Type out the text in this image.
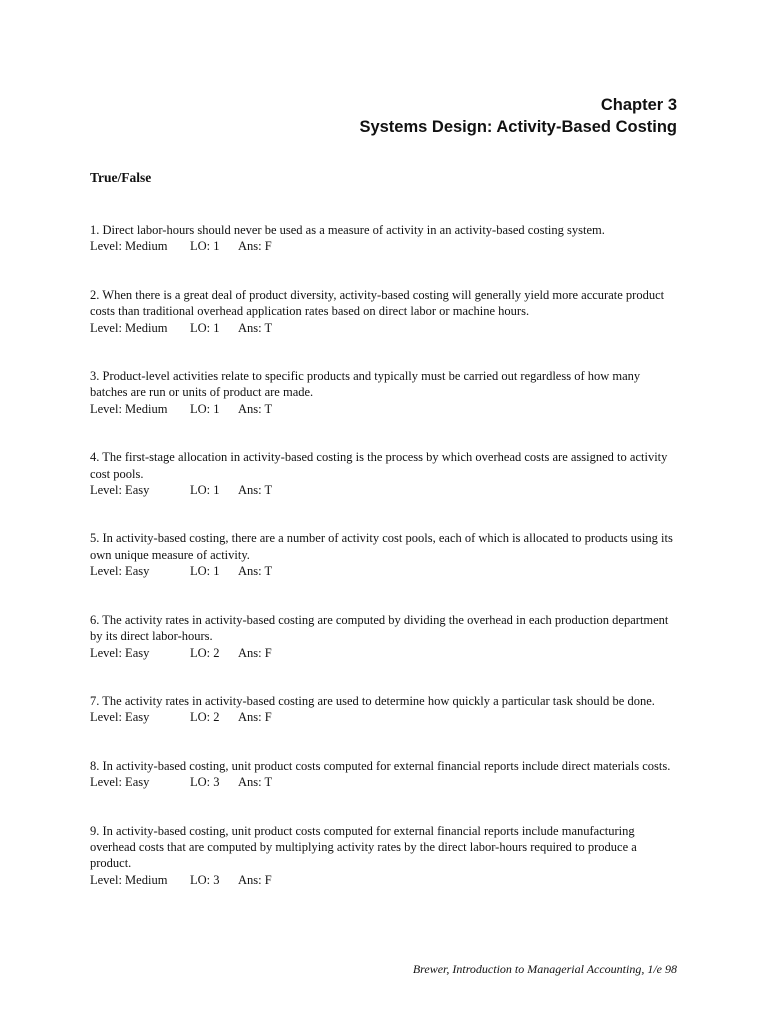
Chapter 3
Systems Design: Activity-Based Costing
True/False

1. Direct labor-hours should never be used as a measure of activity in an activity-based costing system.

Level: Medium LO: 1 Ans: F

2. When there is a great deal of product diversity, activity-based costing will generally yield more accurate product costs than traditional overhead application rates based on direct labor or machine hours.

Level: Medium LO: 1 Ans: T

3. Product-level activities relate to specific products and typically must be carried out regardless of how many batches are run or units of product are made.

Level: Medium LO: 1 Ans: T

4. The first-stage allocation in activity-based costing is the process by which overhead costs are assigned to activity cost pools.

Level: Easy	LO: 1 Ans: T

5. In activity-based costing, there are a number of activity cost pools, each of which is allocated to products using its own unique measure of activity.

Level: Easy	LO: 1 Ans: T

6. The activity rates in activity-based costing are computed by dividing the overhead in each production department by its direct labor-hours.

Level: Easy	LO: 2 Ans: F

7. The activity rates in activity-based costing are used to determine how quickly a particular task should be done.

Level: Easy	LO: 2 Ans: F

8. In activity-based costing, unit product costs computed for external financial reports include direct materials costs.

Level: Easy	LO: 3 Ans: T

9. In activity-based costing, unit product costs computed for external financial reports include manufacturing overhead costs that are computed by multiplying activity rates by the direct labor-hours required to produce a product.

Level: Medium LO: 3 Ans: F

Brewer, Introduction to Managerial Accounting, 1/e 98
